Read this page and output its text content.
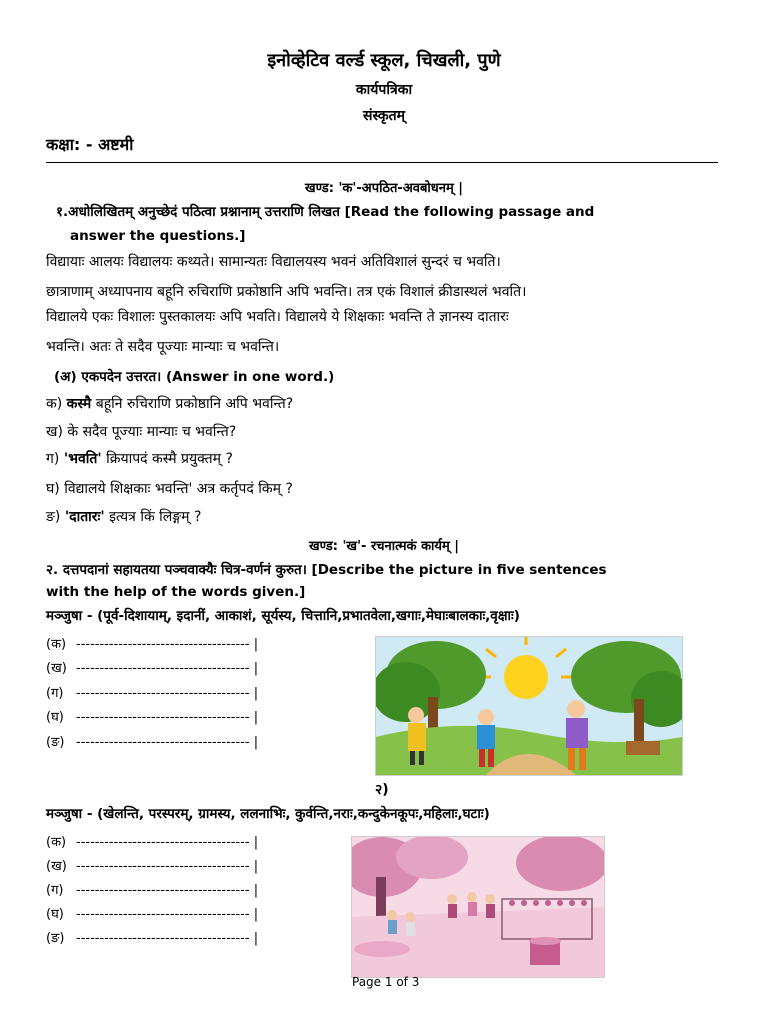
इनोव्हेटिव वर्ल्ड स्कूल, चिखली, पुणे
कार्यपत्रिका
संस्कृतम्
कक्षा: - अष्टमी
खण्ड: 'क'-अपठित-अवबोधनम् |
१.अधोलिखितम् अनुच्छेदं पठित्वा प्रश्नानाम् उत्तराणि लिखत [Read the following passage and
answer the questions.]
विद्यायाः आलयः विद्यालयः कथ्यते। सामान्यतः विद्यालयस्य भवनं अतिविशालं सुन्दरं च भवति।
छात्राणाम् अध्यापनाय बहूनि रुचिराणि प्रकोष्ठानि अपि भवन्ति। तत्र एकं विशालं क्रीडास्थलं भवति।
विद्यालये एकः विशालः पुस्तकालयः अपि भवति। विद्यालये ये शिक्षकाः भवन्ति ते ज्ञानस्य दातारः
भवन्ति। अतः ते सदैव पूज्याः मान्याः च भवन्ति।
(अ) एकपदेन उत्तरत। (Answer in one word.)
क) कस्मै बहूनि रुचिराणि प्रकोष्ठानि अपि भवन्ति?
ख) के सदैव पूज्याः मान्याः च भवन्ति?
ग) 'भवति' क्रियापदं कस्मै प्रयुक्तम् ?
घ) विद्यालये शिक्षकाः भवन्ति' अत्र कर्तृपदं किम् ?
ङ) 'दातारः' इत्यत्र किं लिङ्गम् ?
खण्ड: 'ख'- रचनात्मकं कार्यम् |
२. दत्तपदानां सहायतया पञ्चवाक्यैः चित्र-वर्णनं कुरुत। [Describe the picture in five sentences
with the help of the words given.]
मञ्जुषा - (पूर्व-दिशायाम्, इदानीं, आकाशं, सूर्यस्य, चित्तानि,प्रभातवेला,खगाः,मेघाःबालकाः,वृक्षाः)
(क) ------------------------------------- |
(ख) ------------------------------------- |
(ग) ------------------------------------- |
(घ) ------------------------------------- |
(ङ) ------------------------------------- |
२)
मञ्जुषा - (खेलन्ति, परस्परम्, ग्रामस्य, ललनाभिः, कुर्वन्ति,नराः,कन्दुकेनकूपः,महिलाः,घटाः)
(क) ------------------------------------- |
(ख) ------------------------------------- |
(ग) ------------------------------------- |
(घ) ------------------------------------- |
(ङ) ------------------------------------- |
Page 1 of 3
